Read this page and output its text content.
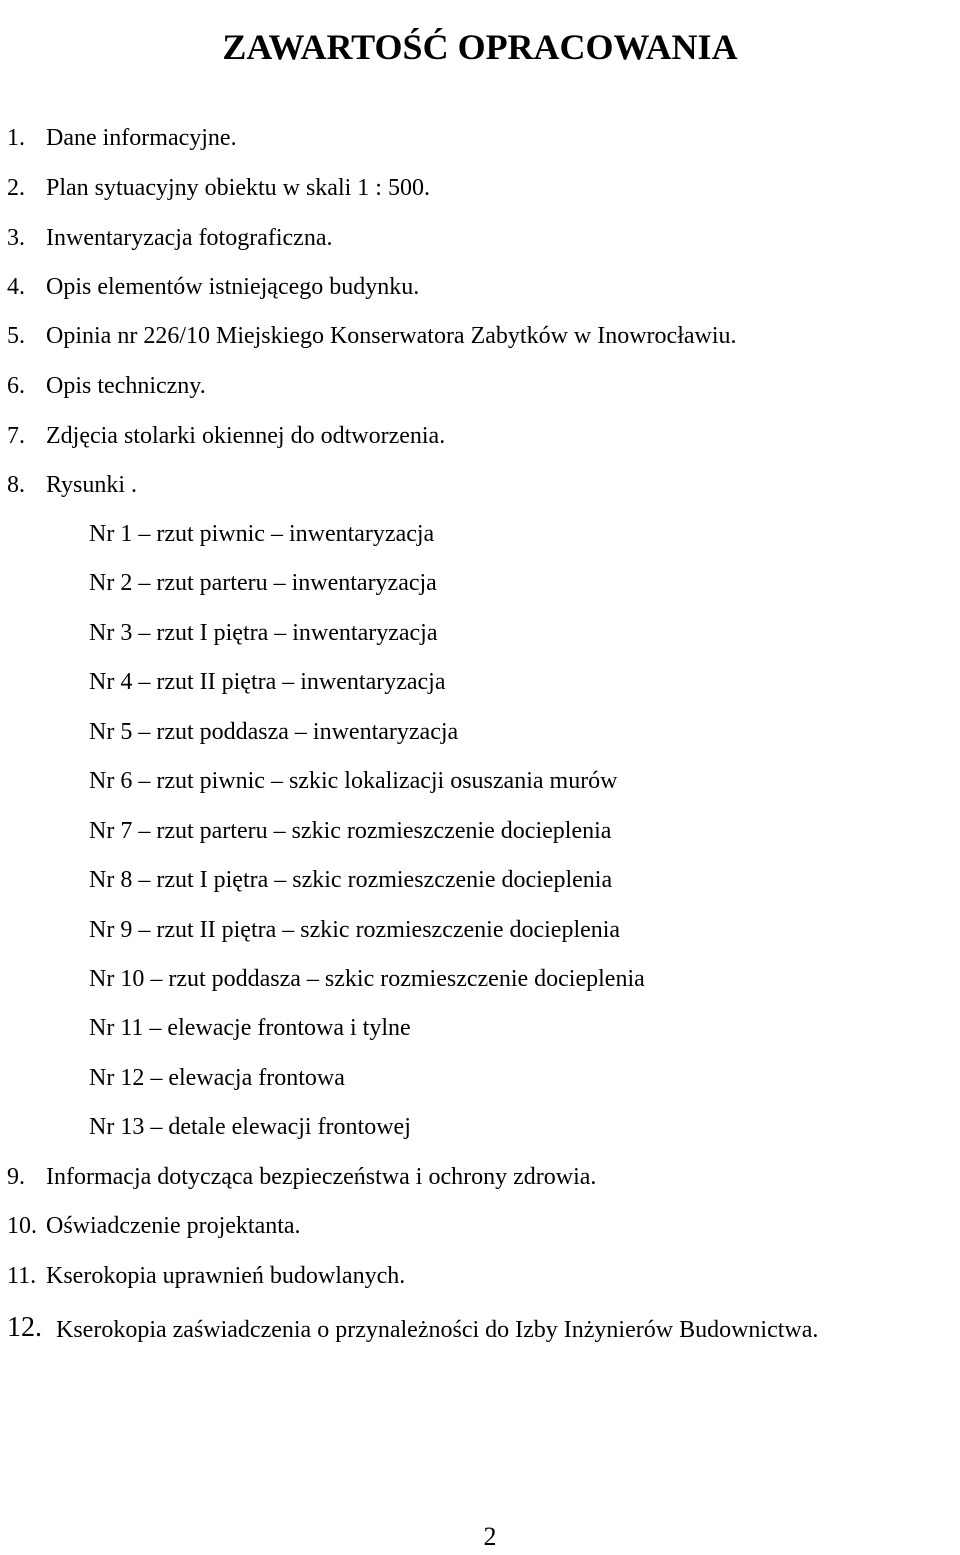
ZAWARTOŚĆ OPRACOWANIA
1. Dane informacyjne.
2. Plan sytuacyjny obiektu w skali 1 : 500.
3. Inwentaryzacja fotograficzna.
4. Opis elementów istniejącego budynku.
5. Opinia nr 226/10 Miejskiego Konserwatora Zabytków w Inowrocławiu.
6. Opis techniczny.
7. Zdjęcia stolarki okiennej do odtworzenia.
8. Rysunki .
Nr 1 – rzut piwnic – inwentaryzacja
Nr 2 – rzut parteru – inwentaryzacja
Nr 3 – rzut I piętra – inwentaryzacja
Nr 4 – rzut II piętra – inwentaryzacja
Nr 5 – rzut poddasza – inwentaryzacja
Nr 6 – rzut piwnic – szkic lokalizacji osuszania murów
Nr 7 – rzut parteru – szkic rozmieszczenie docieplenia
Nr 8 – rzut I piętra – szkic rozmieszczenie docieplenia
Nr 9 – rzut II piętra – szkic rozmieszczenie docieplenia
Nr 10 – rzut poddasza – szkic rozmieszczenie docieplenia
Nr 11 – elewacje frontowa i tylne
Nr 12 – elewacja frontowa
Nr 13 – detale elewacji frontowej
9. Informacja dotycząca bezpieczeństwa i ochrony zdrowia.
10. Oświadczenie projektanta.
11. Kserokopia uprawnień budowlanych.
12. Kserokopia zaświadczenia o przynależności do Izby Inżynierów Budownictwa.
2
